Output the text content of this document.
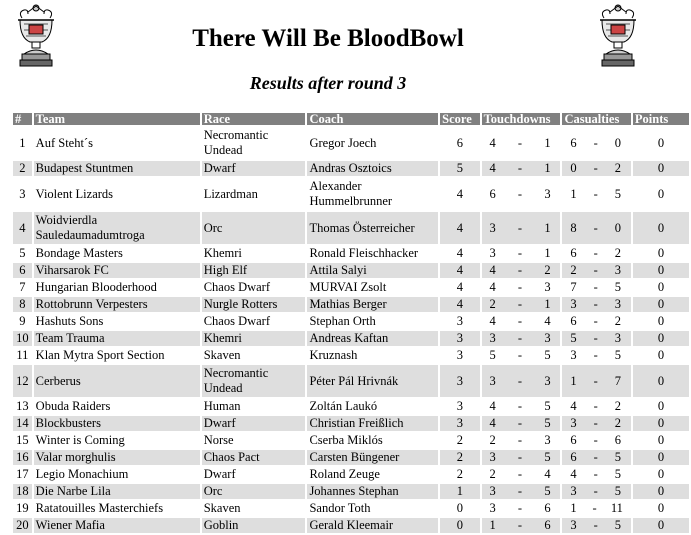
There Will Be BloodBowl
Results after round 3
#	Team	Race	Coach	Score	Touchdowns	Casualties	Points
1	Auf Steht´s	Necromantic Undead	Gregor Joech	6	4 - 1	6 - 0	0
2	Budapest Stuntmen	Dwarf	Andras Osztoics	5	4 - 1	0 - 2	0
3	Violent Lizards	Lizardman	Alexander Hummelbrunner	4	6 - 3	1 - 5	0
4	Woidvierdla Sauledaumadumtroga	Orc	Thomas Österreicher	4	3 - 1	8 - 0	0
5	Bondage Masters	Khemri	Ronald Fleischhacker	4	3 - 1	6 - 2	0
6	Viharsarok FC	High Elf	Attila Salyi	4	4 - 2	2 - 3	0
7	Hungarian Blooderhood	Chaos Dwarf	MURVAI Zsolt	4	4 - 3	7 - 5	0
8	Rottobrunn Verpesters	Nurgle Rotters	Mathias Berger	4	2 - 1	3 - 3	0
9	Hashuts Sons	Chaos Dwarf	Stephan Orth	3	4 - 4	6 - 2	0
10	Team Trauma	Khemri	Andreas Kaftan	3	3 - 3	5 - 3	0
11	Klan Mytra Sport Section	Skaven	Kruznash	3	5 - 5	3 - 5	0
12	Cerberus	Necromantic Undead	Péter Pál Hrivnák	3	3 - 3	1 - 7	0
13	Obuda Raiders	Human	Zoltán Laukó	3	4 - 5	4 - 2	0
14	Blockbusters	Dwarf	Christian Freißlich	3	4 - 5	3 - 2	0
15	Winter is Coming	Norse	Cserba Miklós	2	2 - 3	6 - 6	0
16	Valar morghulis	Chaos Pact	Carsten Büngener	2	3 - 5	6 - 5	0
17	Legio Monachium	Dwarf	Roland Zeuge	2	2 - 4	4 - 5	0
18	Die Narbe Lila	Orc	Johannes Stephan	1	3 - 5	3 - 5	0
19	Ratatouilles Masterchiefs	Skaven	Sandor Toth	0	3 - 6	1 - 11	0
20	Wiener Mafia	Goblin	Gerald Kleemair	0	1 - 6	3 - 5	0
